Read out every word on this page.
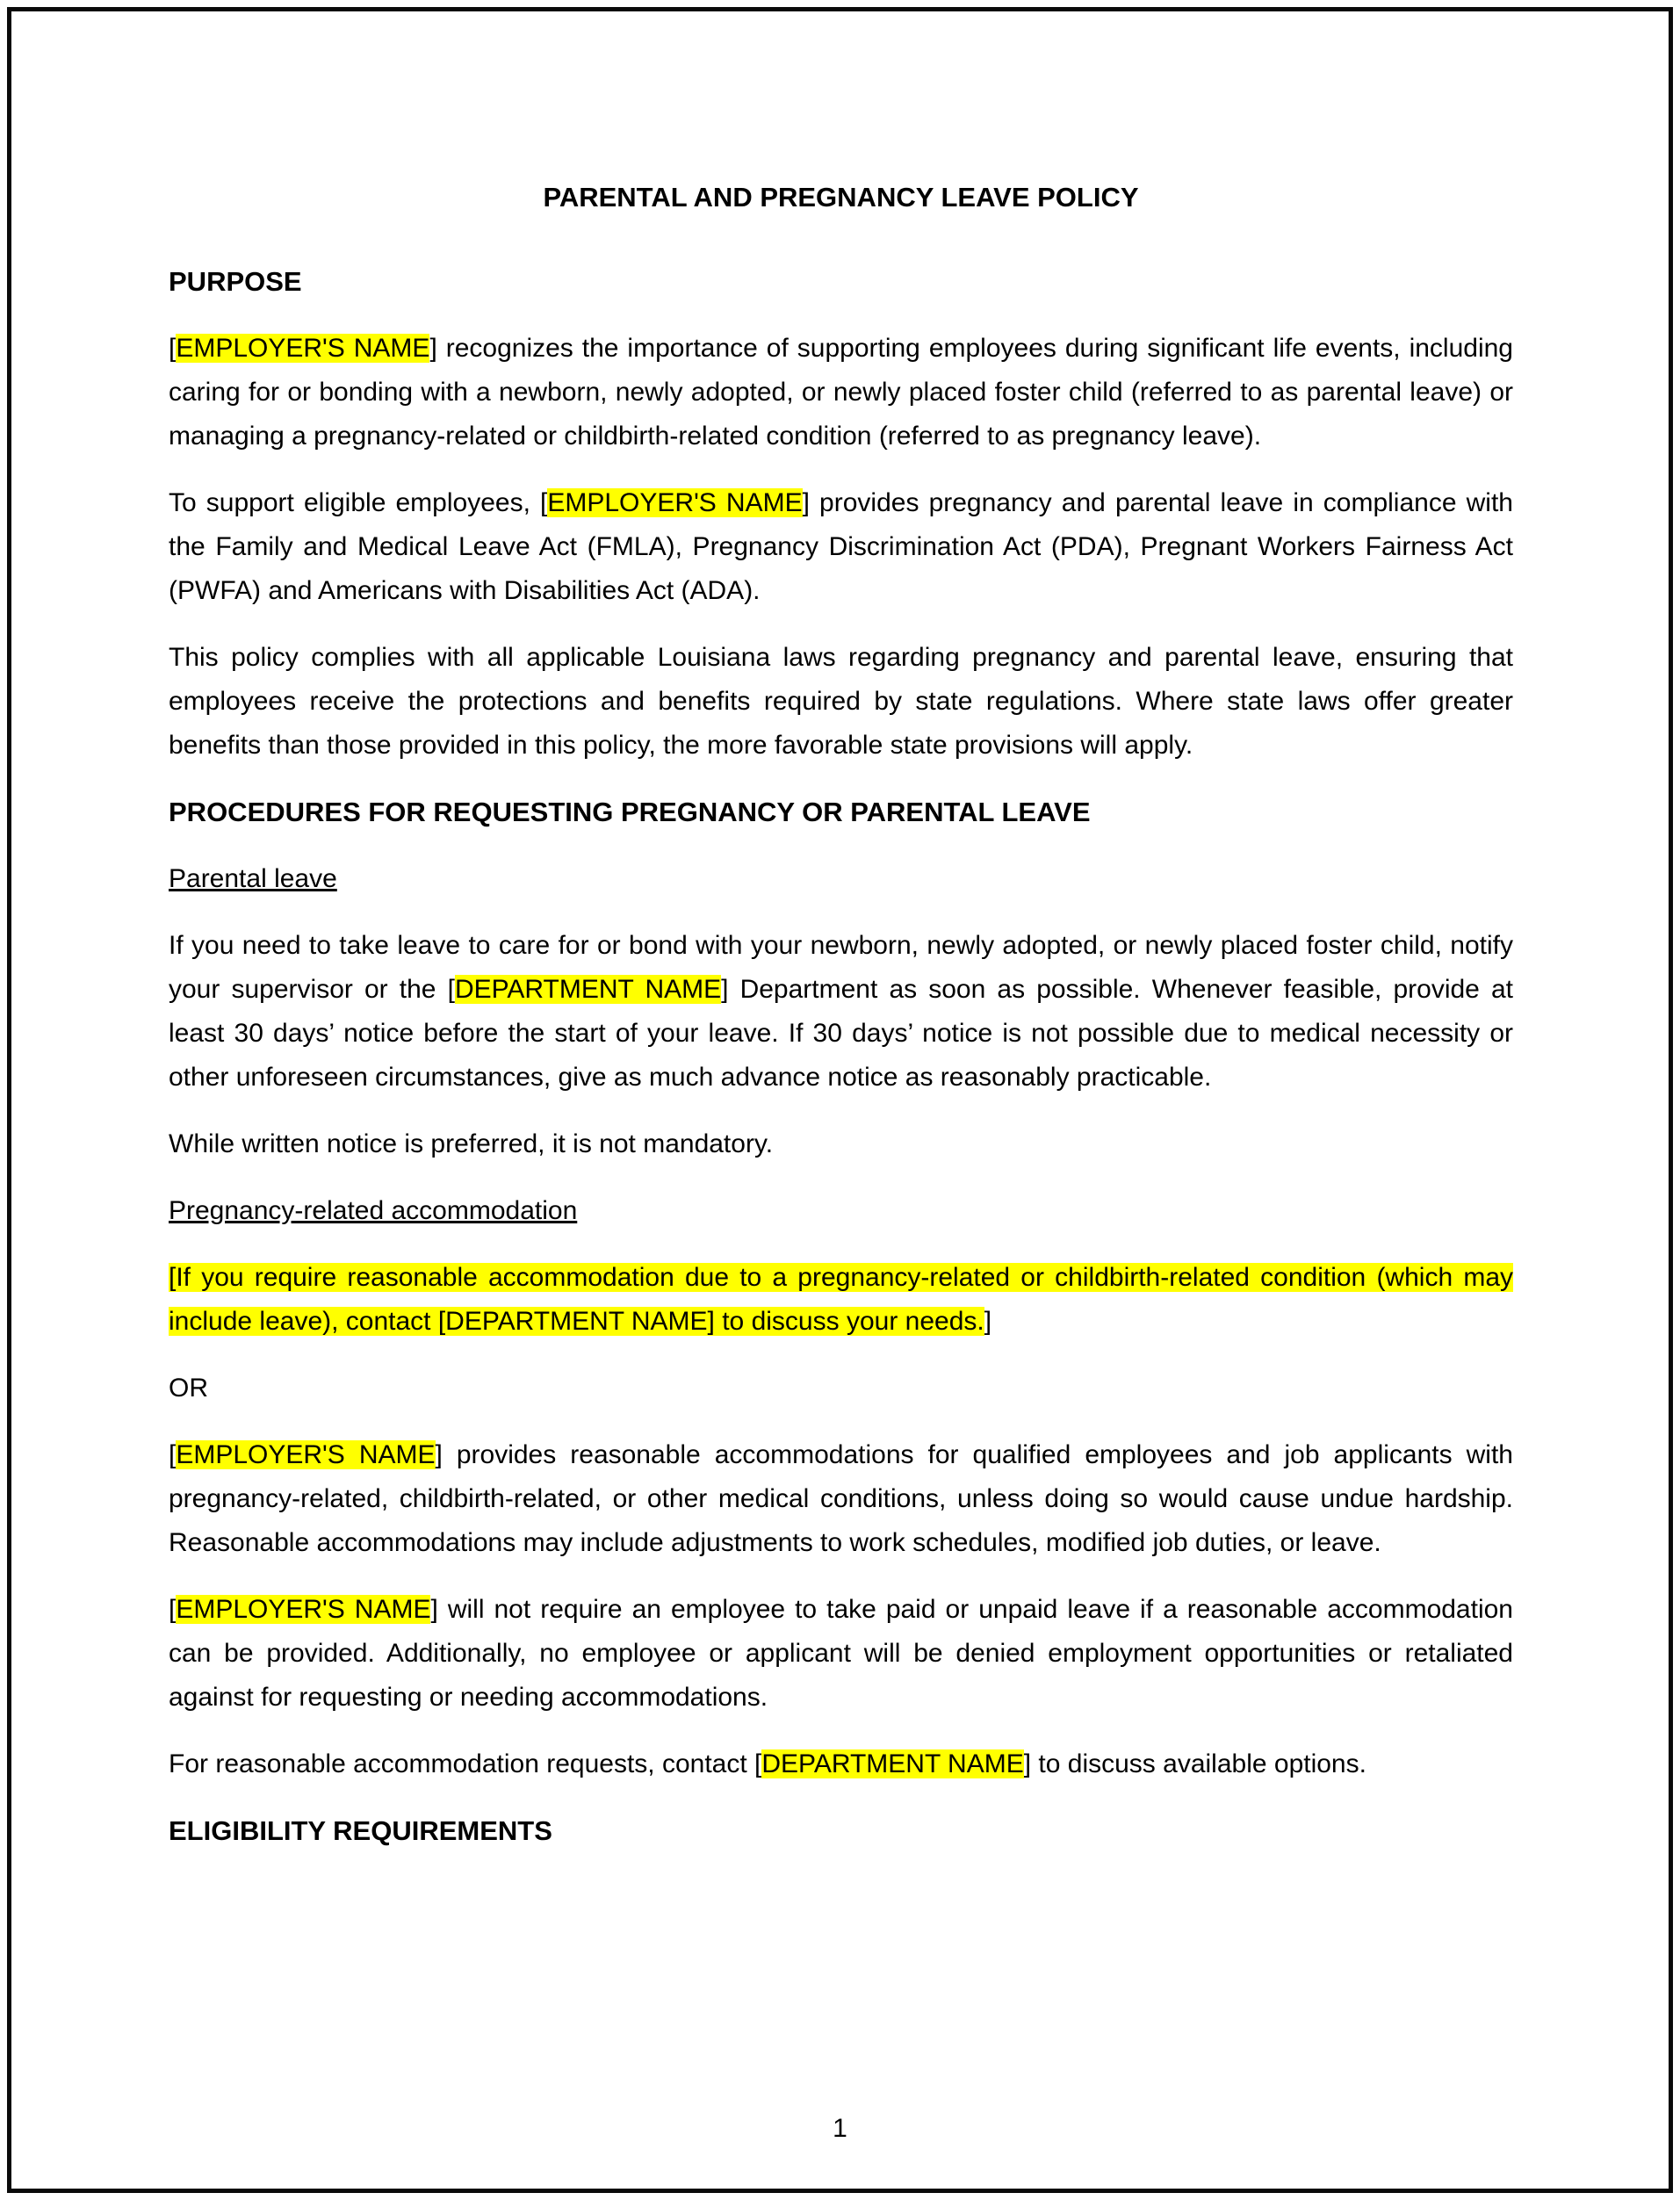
PARENTAL AND PREGNANCY LEAVE POLICY
PURPOSE

[EMPLOYER'S NAME] recognizes the importance of supporting employees during significant life events, including caring for or bonding with a newborn, newly adopted, or newly placed foster child (referred to as parental leave) or managing a pregnancy-related or childbirth-related condition (referred to as pregnancy leave).

To support eligible employees, [EMPLOYER'S NAME] provides pregnancy and parental leave in compliance with the Family and Medical Leave Act (FMLA), Pregnancy Discrimination Act (PDA), Pregnant Workers Fairness Act (PWFA) and Americans with Disabilities Act (ADA).

This policy complies with all applicable Louisiana laws regarding pregnancy and parental leave, ensuring that employees receive the protections and benefits required by state regulations. Where state laws offer greater benefits than those provided in this policy, the more favorable state provisions will apply.

PROCEDURES FOR REQUESTING PREGNANCY OR PARENTAL LEAVE
Parental leave

If you need to take leave to care for or bond with your newborn, newly adopted, or newly placed foster child, notify your supervisor or the [DEPARTMENT NAME] Department as soon as possible. Whenever feasible, provide at least 30 days’ notice before the start of your leave. If 30 days’ notice is not possible due to medical necessity or other unforeseen circumstances, give as much advance notice as reasonably practicable.

While written notice is preferred, it is not mandatory.

Pregnancy-related accommodation

[If you require reasonable accommodation due to a pregnancy-related or childbirth-related condition (which may include leave), contact [DEPARTMENT NAME] to discuss your needs.]

OR

[EMPLOYER'S NAME] provides reasonable accommodations for qualified employees and job applicants with pregnancy-related, childbirth-related, or other medical conditions, unless doing so would cause undue hardship. Reasonable accommodations may include adjustments to work schedules, modified job duties, or leave.

[EMPLOYER'S NAME] will not require an employee to take paid or unpaid leave if a reasonable accommodation can be provided. Additionally, no employee or applicant will be denied employment opportunities or retaliated against for requesting or needing accommodations.

For reasonable accommodation requests, contact [DEPARTMENT NAME] to discuss available options.

ELIGIBILITY REQUIREMENTS
1
